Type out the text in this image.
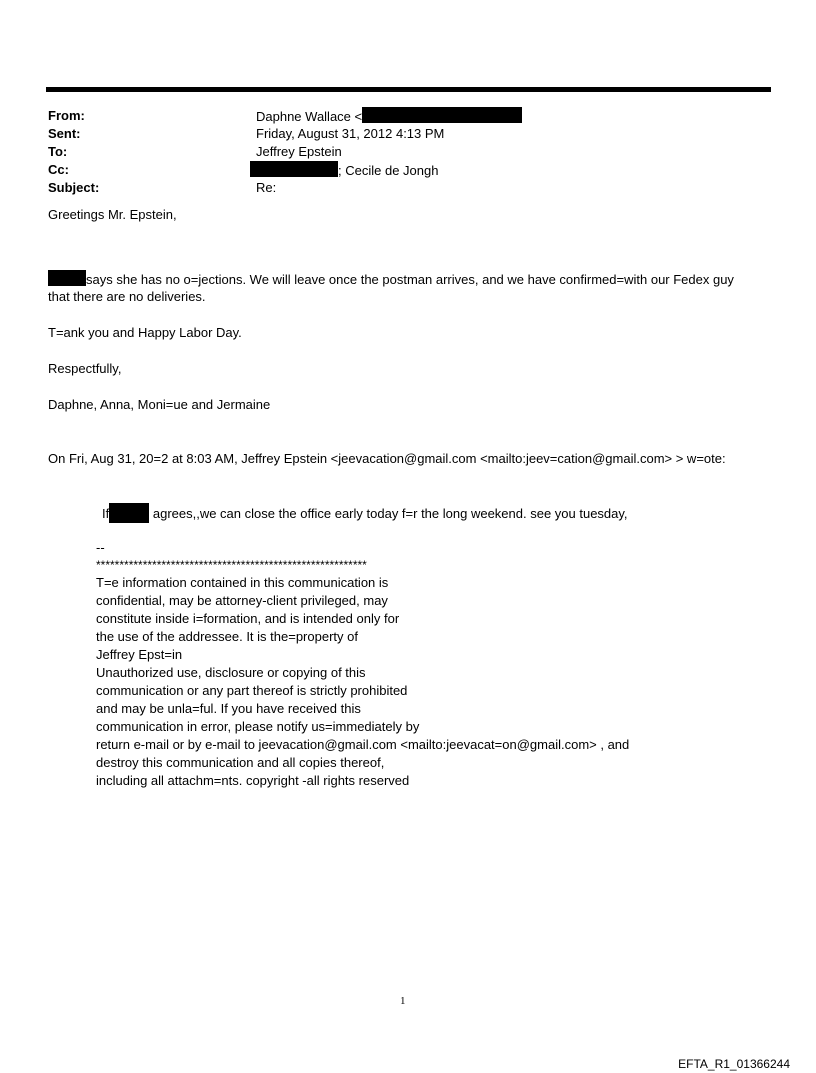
From:	Daphne Wallace <
Sent:	Friday, August 31, 2012 4:13 PM
To:	Jeffrey Epstein
Cc:	; Cecile de Jongh
Subject:	Re:
Greetings Mr. Epstein,
says she has no o=jections. We will leave once the postman arrives, and we have confirmed=with our Fedex guy
that there are no deliveries.
T=ank you and Happy Labor Day.
Respectfully,
Daphne, Anna, Moni=ue and Jermaine
On Fri, Aug 31, 20=2 at 8:03 AM, Jeffrey Epstein <jeevacation@gmail.com <mailto:jeev=cation@gmail.com> > w=ote:
If	agrees,,we can close the office early today f=r the long weekend. see you tuesday,
--
**********************************************************
T=e information contained in this communication is
confidential, may be attorney-client privileged, may
constitute inside i=formation, and is intended only for
the use of the addressee. It is the=property of
Jeffrey Epst=in
Unauthorized use, disclosure or copying of this
communication or any part thereof is strictly prohibited
and may be unla=ful. If you have received this
communication in error, please notify us=immediately by
return e-mail or by e-mail to jeevacation@gmail.com <mailto:jeevacat=on@gmail.com> , and
destroy this communication and all copies thereof,
including all attachm=nts. copyright -all rights reserved
1
EFTA_R1_01366244
